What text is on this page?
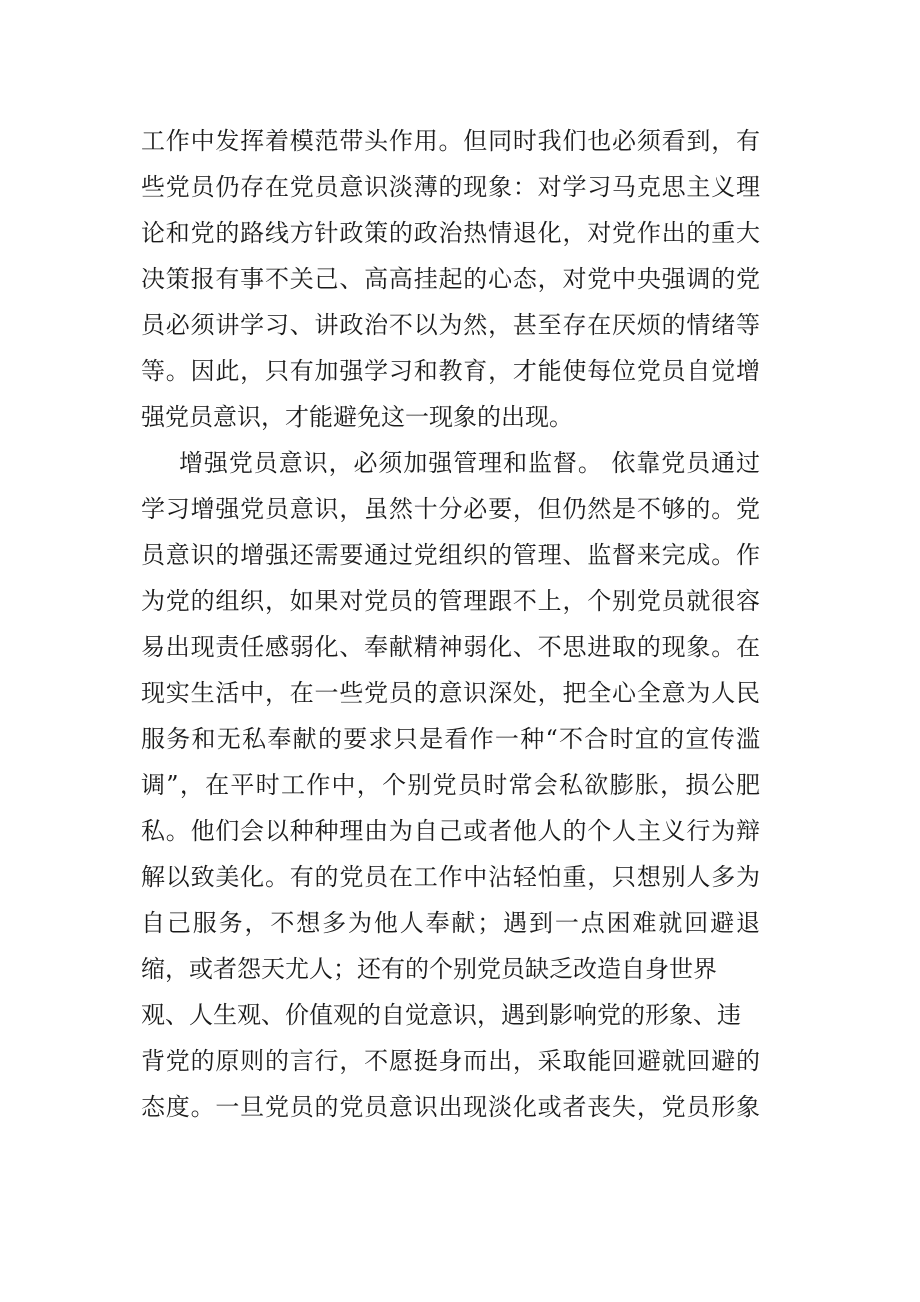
工作中发挥着模范带头作用。但同时我们也必须看到，有
些党员仍存在党员意识淡薄的现象：对学习马克思主义理
论和党的路线方针政策的政治热情退化，对党作出的重大
决策报有事不关己、高高挂起的心态，对党中央强调的党
员必须讲学习、讲政治不以为然，甚至存在厌烦的情绪等
等。因此，只有加强学习和教育，才能使每位党员自觉增
强党员意识，才能避免这一现象的出现。
增强党员意识，必须加强管理和监督。 依靠党员通过
学习增强党员意识，虽然十分必要，但仍然是不够的。党
员意识的增强还需要通过党组织的管理、监督来完成。作
为党的组织，如果对党员的管理跟不上，个别党员就很容
易出现责任感弱化、奉献精神弱化、不思进取的现象。在
现实生活中，在一些党员的意识深处，把全心全意为人民
服务和无私奉献的要求只是看作一种“不合时宜的宣传滥
调”，在平时工作中，个别党员时常会私欲膨胀，损公肥
私。他们会以种种理由为自己或者他人的个人主义行为辩
解以致美化。有的党员在工作中沾轻怕重，只想别人多为
自己服务，不想多为他人奉献；遇到一点困难就回避退
缩，或者怨天尤人；还有的个别党员缺乏改造自身世界
观、人生观、价值观的自觉意识，遇到影响党的形象、违
背党的原则的言行，不愿挺身而出，采取能回避就回避的
态度。一旦党员的党员意识出现淡化或者丧失，党员形象
